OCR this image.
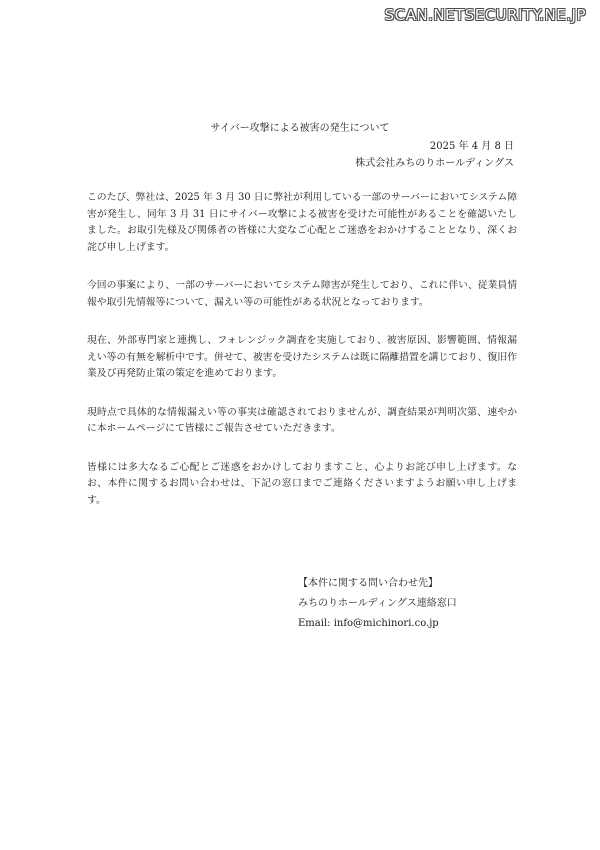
SCAN.NETSECURITY.NE.JP
サイバー攻撃による被害の発生について
2025 年 4 月 8 日
株式会社みちのりホールディングス

このたび、弊社は、2025 年 3 月 30 日に弊社が利用している一部のサーバーにおいてシステム障害が発生し、同年 3 月 31 日にサイバー攻撃による被害を受けた可能性があることを確認いたしました。お取引先様及び関係者の皆様に大変なご心配とご迷惑をおかけすることとなり、深くお詫び申し上げます。

今回の事案により、一部のサーバーにおいてシステム障害が発生しており、これに伴い、従業員情報や取引先情報等について、漏えい等の可能性がある状況となっております。

現在、外部専門家と連携し、フォレンジック調査を実施しており、被害原因、影響範囲、情報漏えい等の有無を解析中です。併せて、被害を受けたシステムは既に隔離措置を講じており、復旧作業及び再発防止策の策定を進めております。

現時点で具体的な情報漏えい等の事実は確認されておりませんが、調査結果が判明次第、速やかに本ホームページにて皆様にご報告させていただきます。

皆様には多大なるご心配とご迷惑をおかけしておりますこと、心よりお詫び申し上げます。なお、本件に関するお問い合わせは、下記の窓口までご連絡くださいますようお願い申し上げます。

【本件に関する問い合わせ先】
みちのりホールディングス連絡窓口
Email: info@michinori.co.jp
